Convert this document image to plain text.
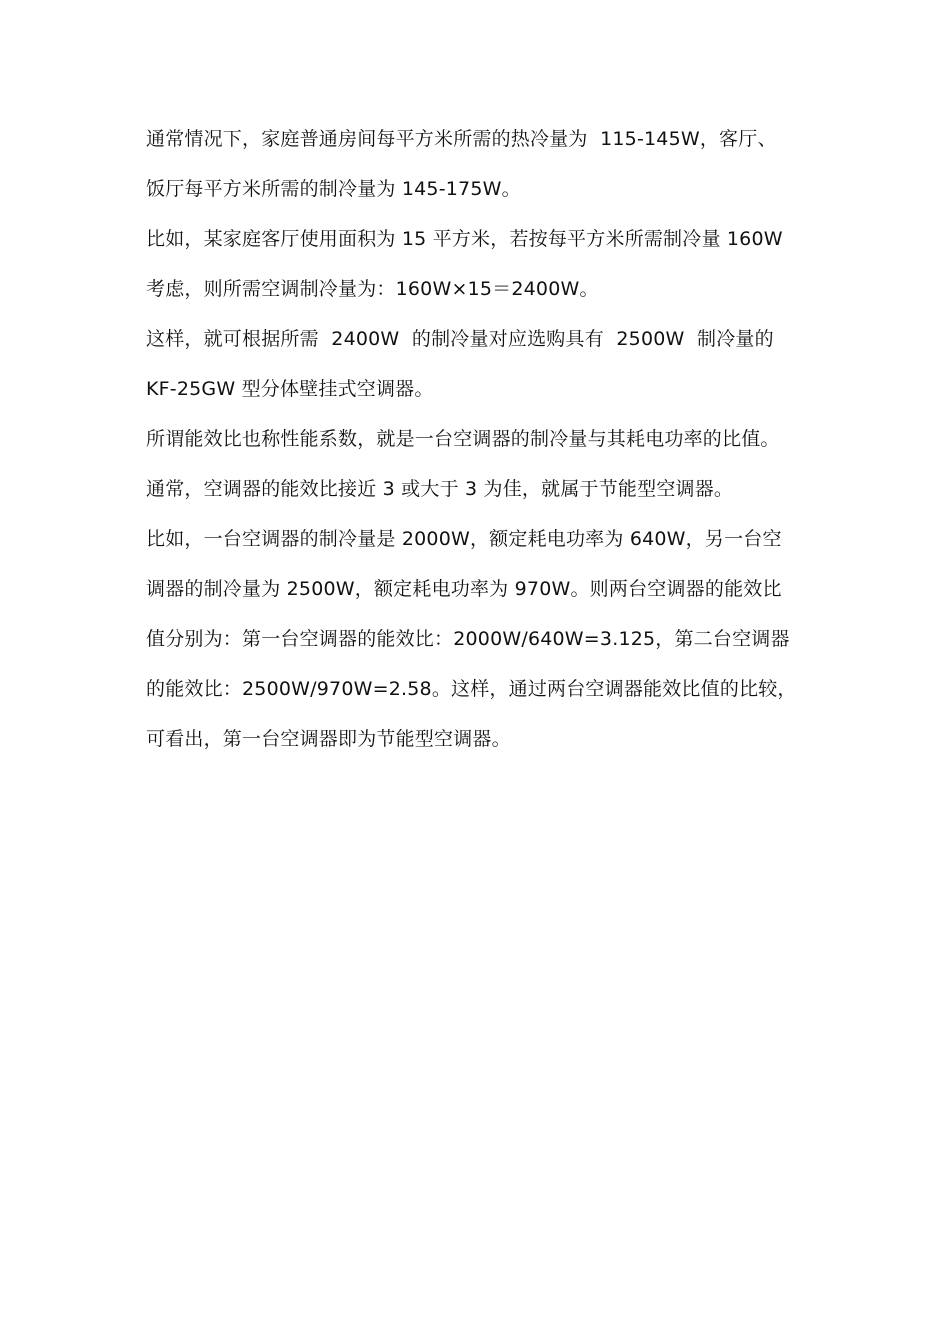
通常情况下，家庭普通房间每平方米所需的热冷量为  115-145W，客厅、

饭厅每平方米所需的制冷量为 145-175W。

比如，某家庭客厅使用面积为 15 平方米，若按每平方米所需制冷量 160W

考虑，则所需空调制冷量为：160W×15＝2400W。

这样，就可根据所需  2400W  的制冷量对应选购具有  2500W  制冷量的

KF-25GW 型分体壁挂式空调器。

所谓能效比也称性能系数，就是一台空调器的制冷量与其耗电功率的比值。

通常，空调器的能效比接近 3 或大于 3 为佳，就属于节能型空调器。

比如，一台空调器的制冷量是 2000W，额定耗电功率为 640W，另一台空

调器的制冷量为 2500W，额定耗电功率为 970W。则两台空调器的能效比

值分别为：第一台空调器的能效比：2000W/640W=3.125，第二台空调器

的能效比：2500W/970W=2.58。这样，通过两台空调器能效比值的比较，

可看出，第一台空调器即为节能型空调器。
